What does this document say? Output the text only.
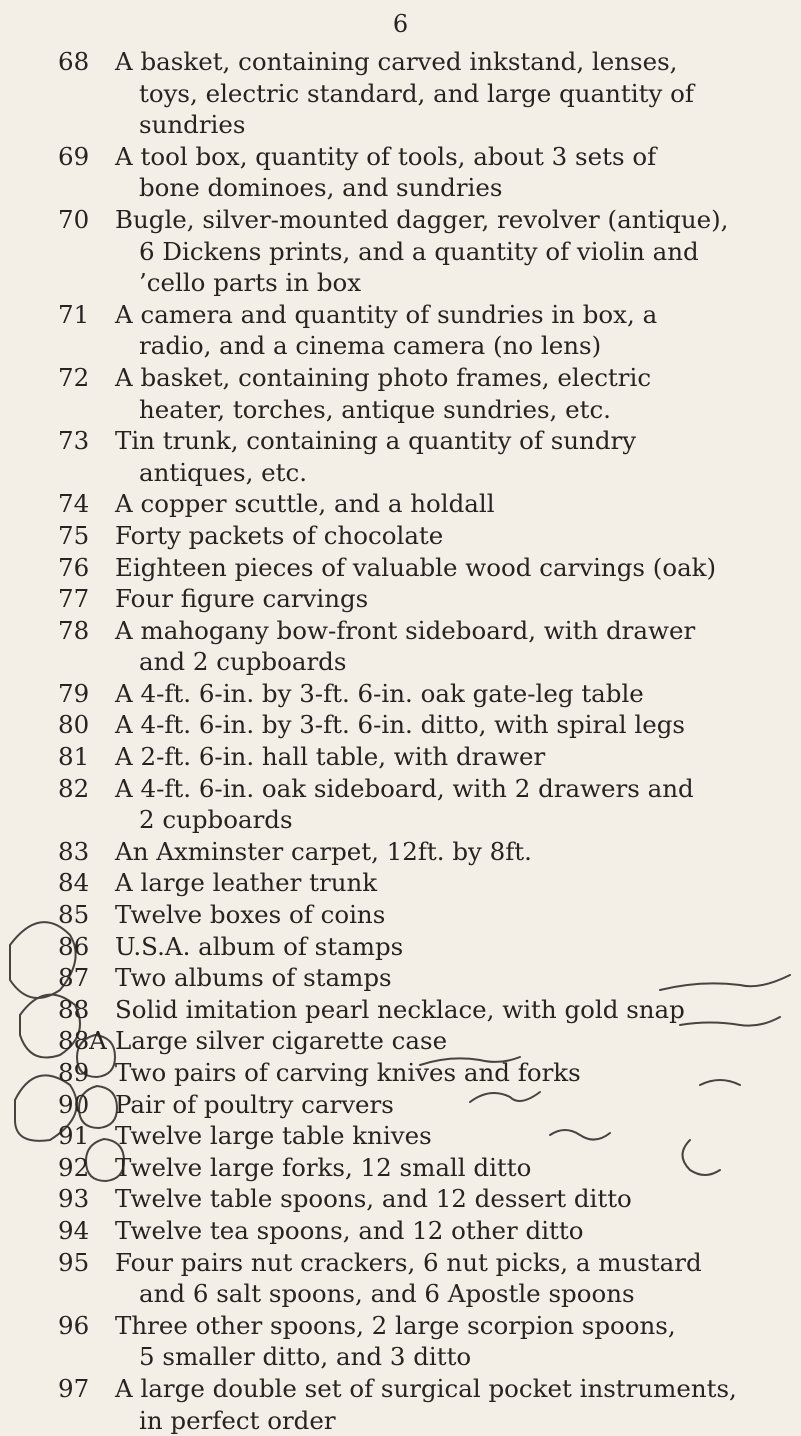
6
68	A basket, containing carved inkstand, lenses,
toys, electric standard, and large quantity of
sundries
69	A tool box, quantity of tools, about 3 sets of
bone dominoes, and sundries
70	Bugle, silver-mounted dagger, revolver (antique),
6 Dickens prints, and a quantity of violin and
’cello parts in box
71	A camera and quantity of sundries in box, a
radio, and a cinema camera (no lens)
72	A basket, containing photo frames, electric
heater, torches, antique sundries, etc.
73	Tin trunk, containing a quantity of sundry
antiques, etc.
74	A copper scuttle, and a holdall
75	Forty packets of chocolate
76	Eighteen pieces of valuable wood carvings (oak)
77	Four figure carvings
78	A mahogany bow-front sideboard, with drawer
and 2 cupboards
79	A 4-ft. 6-in. by 3-ft. 6-in. oak gate-leg table
80	A 4-ft. 6-in. by 3-ft. 6-in. ditto, with spiral legs
81	A 2-ft. 6-in. hall table, with drawer
82	A 4-ft. 6-in. oak sideboard, with 2 drawers and
2 cupboards
83	An Axminster carpet, 12ft. by 8ft.
84	A large leather trunk
85	Twelve boxes of coins
86	U.S.A. album of stamps
87	Two albums of stamps
88	Solid imitation pearl necklace, with gold snap
88A Large silver cigarette case
89	Two pairs of carving knives and forks
90	Pair of poultry carvers
91	Twelve large table knives
92	Twelve large forks, 12 small ditto
93	Twelve table spoons, and 12 dessert ditto
94	Twelve tea spoons, and 12 other ditto
95	Four pairs nut crackers, 6 nut picks, a mustard
and 6 salt spoons, and 6 Apostle spoons
96	Three other spoons, 2 large scorpion spoons,
5 smaller ditto, and 3 ditto
97	A large double set of surgical pocket instruments,
in perfect order
